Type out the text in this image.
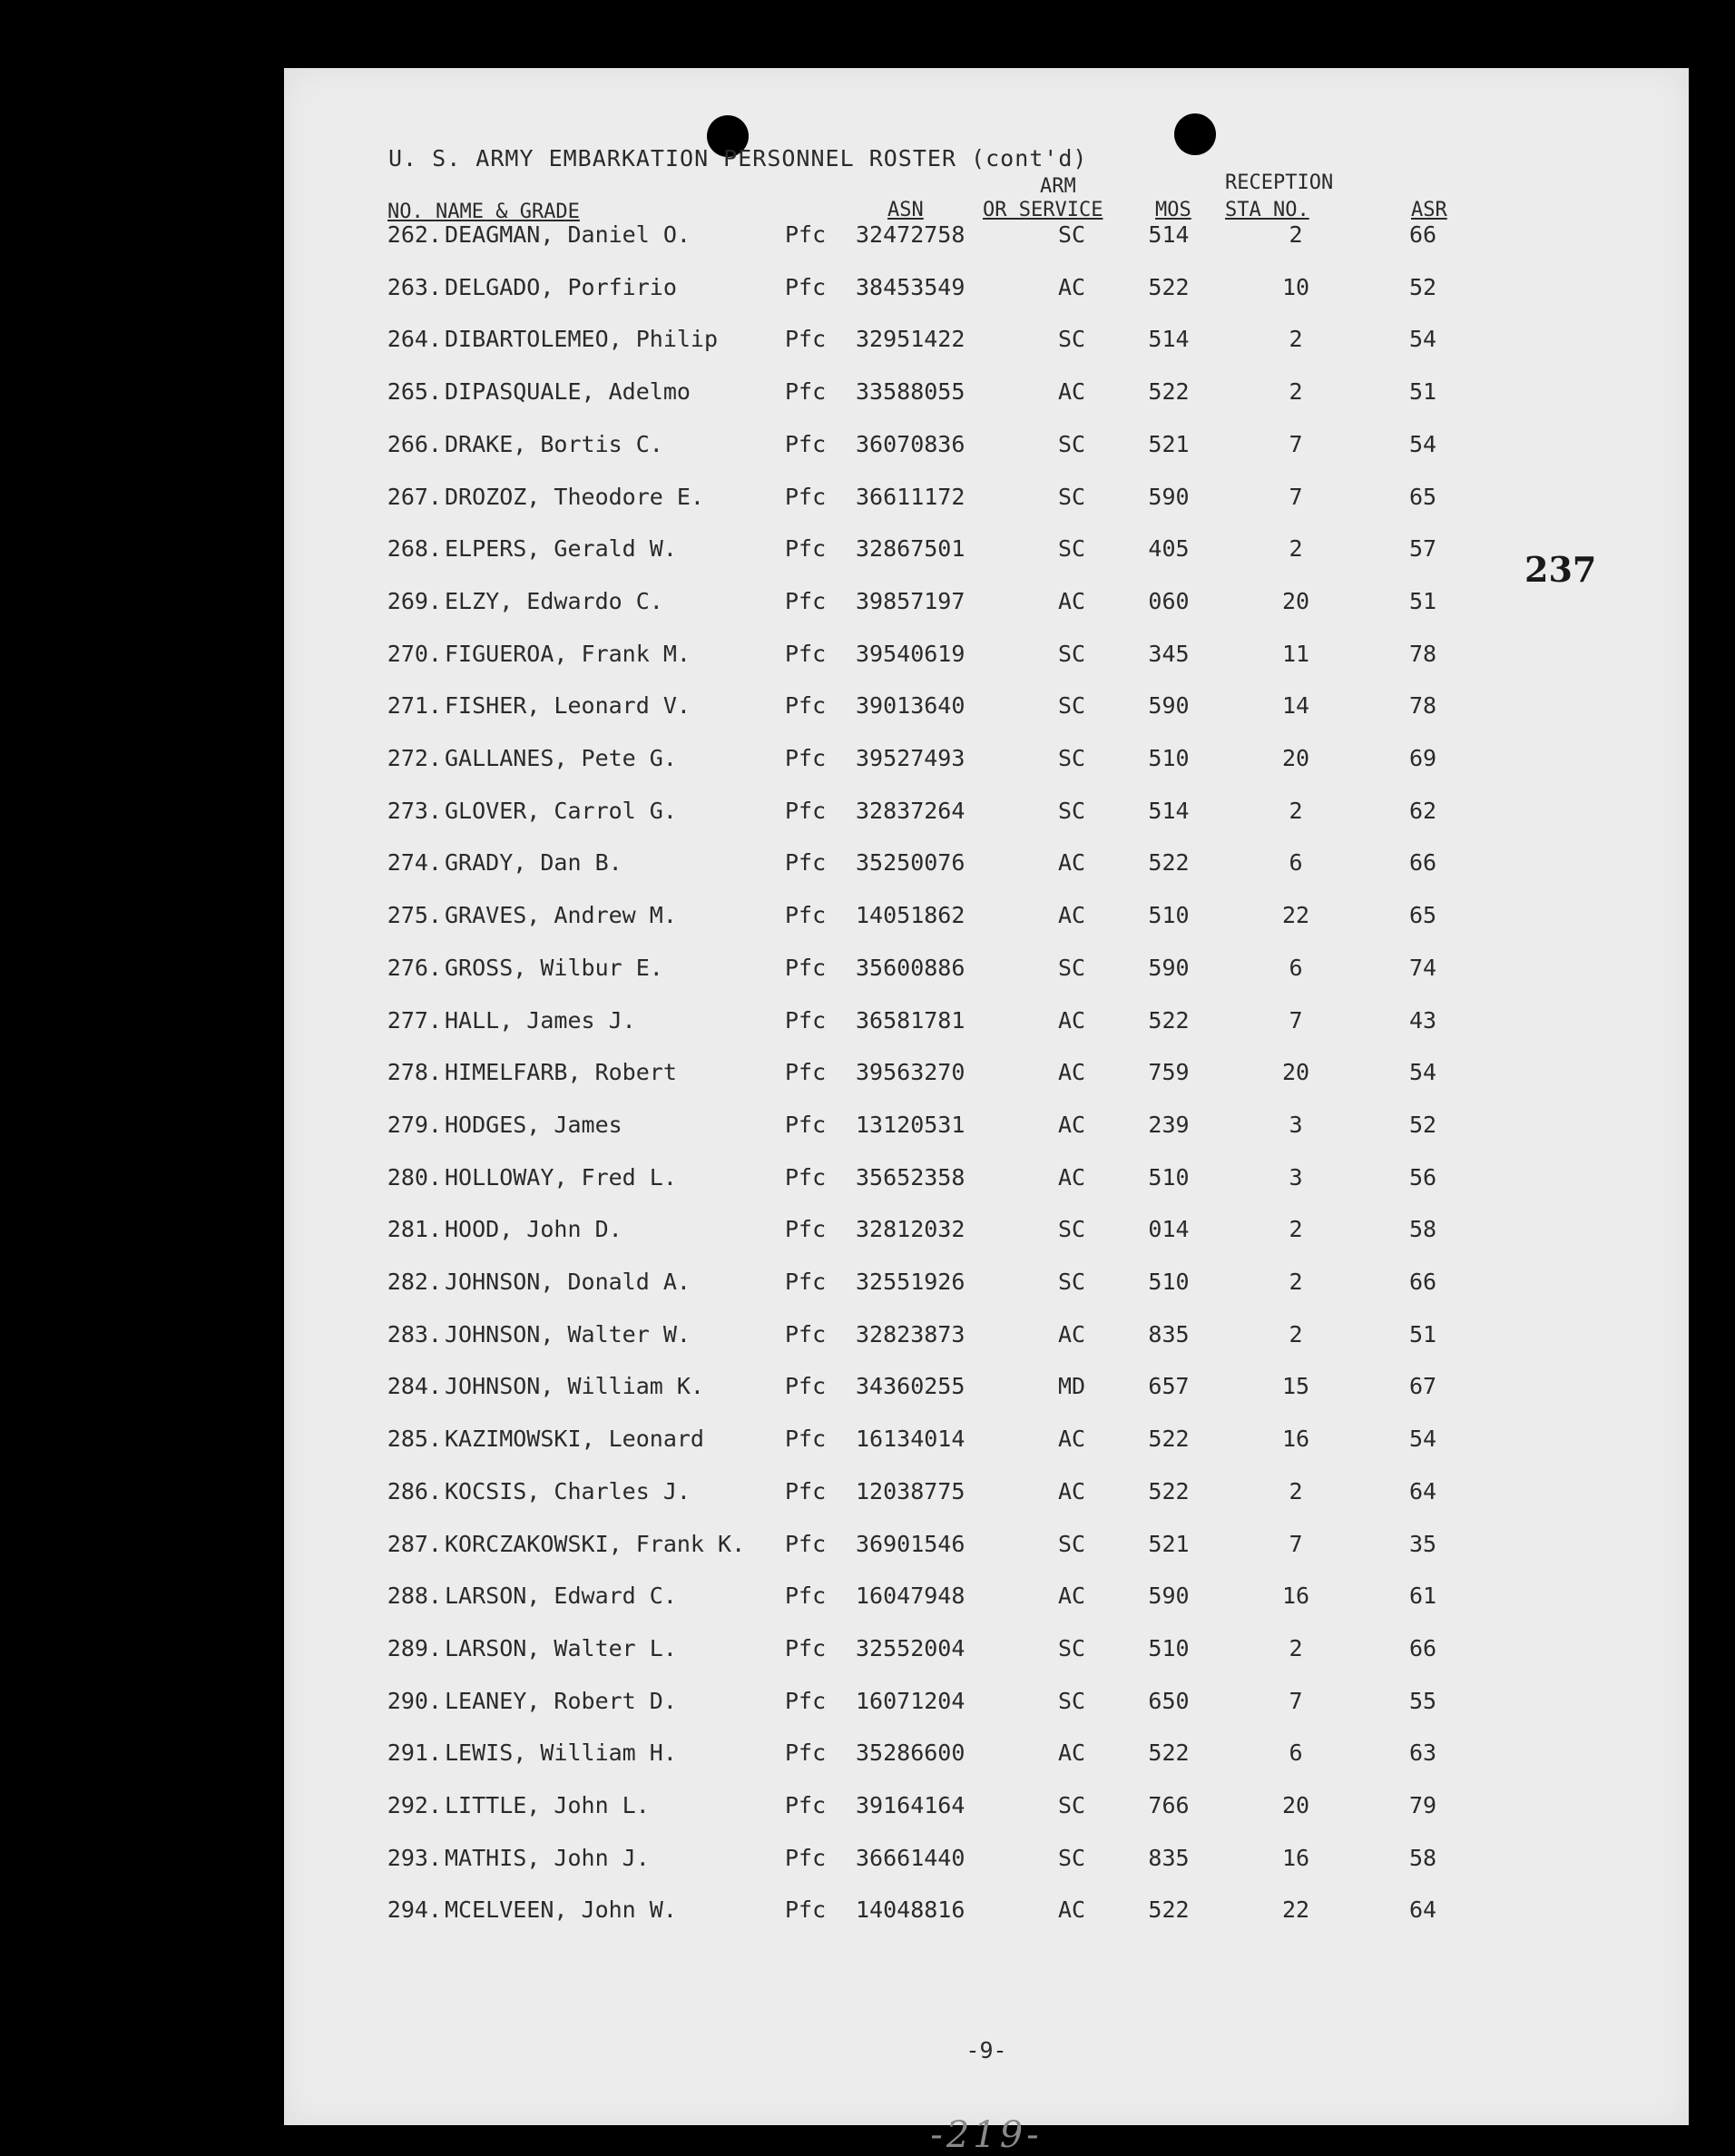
U. S. ARMY EMBARKATION PERSONNEL ROSTER (cont'd)
ARM	RECEPTION
NO. NAME & GRADE	ASN	OR SERVICE	MOS STA NO.	ASR
262. DEAGMAN, Daniel O.	Pfc 32472758	SC	514	2	66
263. DELGADO, Porfirio	Pfc 38453549	AC	522	10	52
264. DIBARTOLEMEO, Philip	Pfc 32951422	SC	514	2	54
265. DIPASQUALE, Adelmo	Pfc 33588055	AC	522	2	51
266. DRAKE, Bortis C.	Pfc 36070836	SC	521	7	54
267. DROZOZ, Theodore E.	Pfc 36611172	SC	590	7	65
268. ELPERS, Gerald W.	Pfc 32867501	SC	405	2	57
269. ELZY, Edwardo C.	Pfc 39857197	AC	060	20	51
270. FIGUEROA, Frank M.	Pfc 39540619	SC	345	11	78
271. FISHER, Leonard V.	Pfc 39013640	SC	590	14	78
272. GALLANES, Pete G.	Pfc 39527493	SC	510	20	69
273. GLOVER, Carrol G.	Pfc 32837264	SC	514	2	62
274. GRADY, Dan B.	Pfc 35250076	AC	522	6	66
275. GRAVES, Andrew M.	Pfc 14051862	AC	510	22	65
276. GROSS, Wilbur E.	Pfc 35600886	SC	590	6	74
277. HALL, James J.	Pfc 36581781	AC	522	7	43
278. HIMELFARB, Robert	Pfc 39563270	AC	759	20	54
279. HODGES, James	Pfc 13120531	AC	239	3	52
280. HOLLOWAY, Fred L.	Pfc 35652358	AC	510	3	56
281. HOOD, John D.	Pfc 32812032	SC	014	2	58
282. JOHNSON, Donald A.	Pfc 32551926	SC	510	2	66
283. JOHNSON, Walter W.	Pfc 32823873	AC	835	2	51
284. JOHNSON, William K.	Pfc 34360255	MD	657	15	67
285. KAZIMOWSKI, Leonard	Pfc 16134014	AC	522	16	54
286. KOCSIS, Charles J.	Pfc 12038775	AC	522	2	64
287. KORCZAKOWSKI, Frank K. Pfc 36901546	SC	521	7	35
288. LARSON, Edward C.	Pfc 16047948	AC	590	16	61
289. LARSON, Walter L.	Pfc 32552004	SC	510	2	66
290. LEANEY, Robert D.	Pfc 16071204	SC	650	7	55
291. LEWIS, William H.	Pfc 35286600	AC	522	6	63
292. LITTLE, John L.	Pfc 39164164	SC	766	20	79
293. MATHIS, John J.	Pfc 36661440	SC	835	16	58
294. MCELVEEN, John W.	Pfc 14048816	AC	522	22	64
-9-
-219-
237
